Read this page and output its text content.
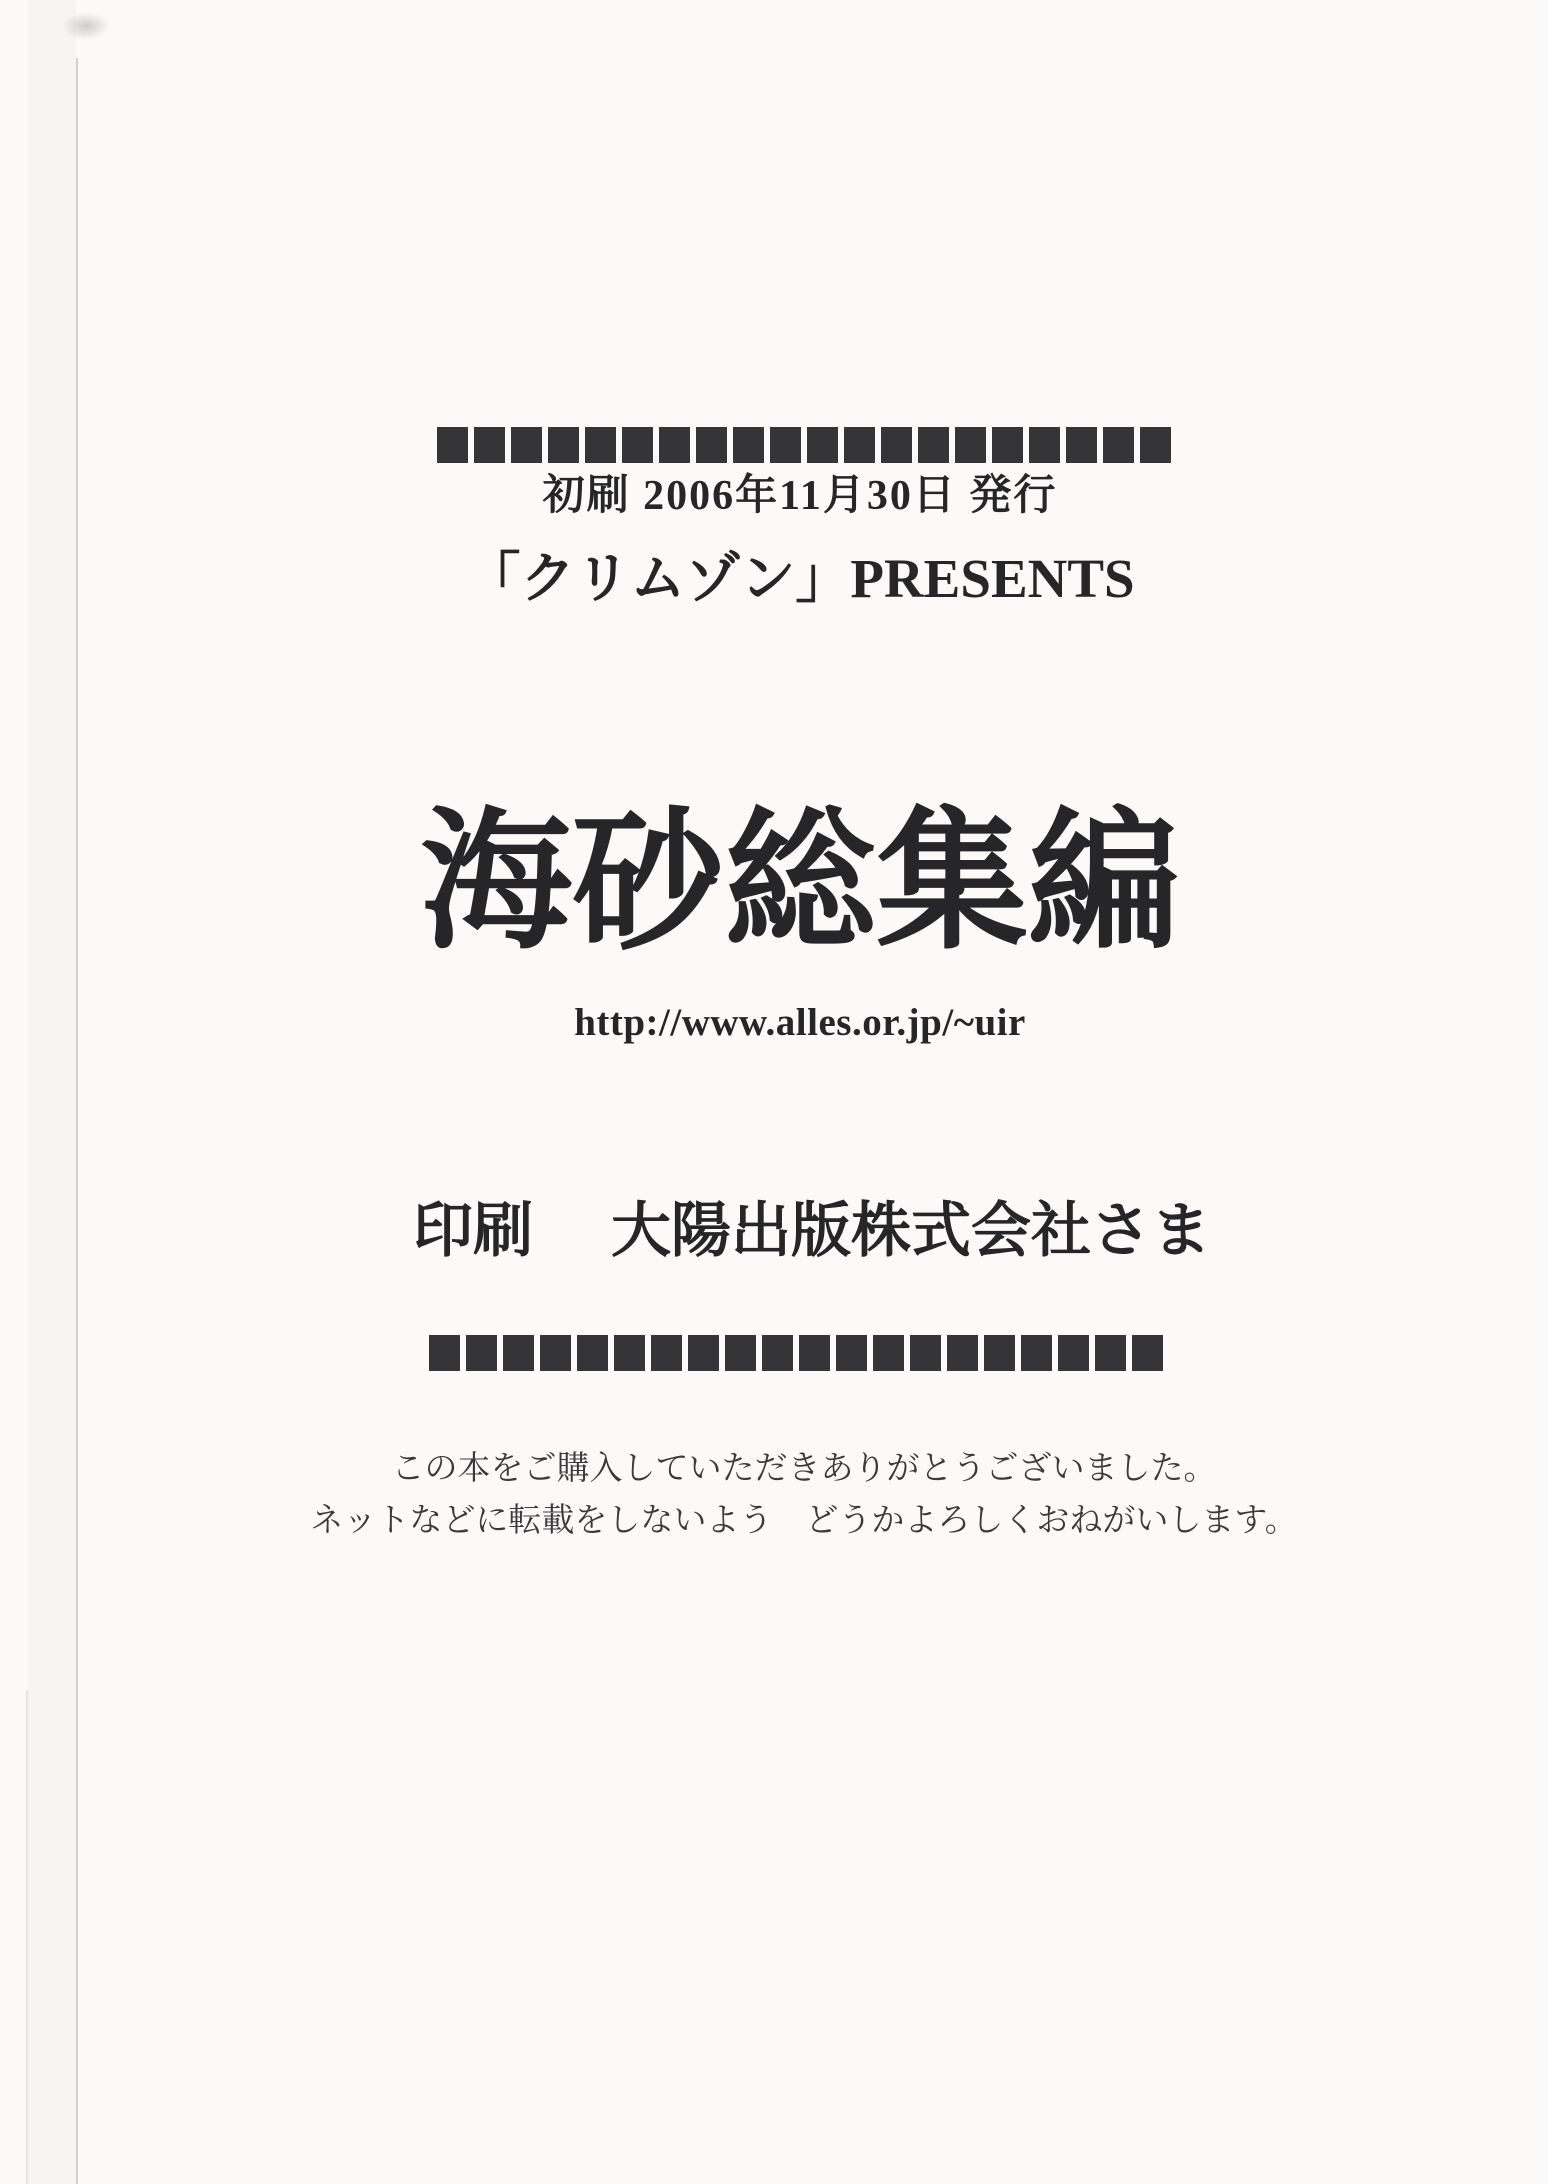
初刷 2006年11月30日 発行
「クリムゾン」PRESENTS
海砂総集編
http://www.alles.or.jp/~uir
印刷 大陽出版株式会社さま
この本をご購入していただきありがとうございました。
ネットなどに転載をしないよう　どうかよろしくおねがいします。
